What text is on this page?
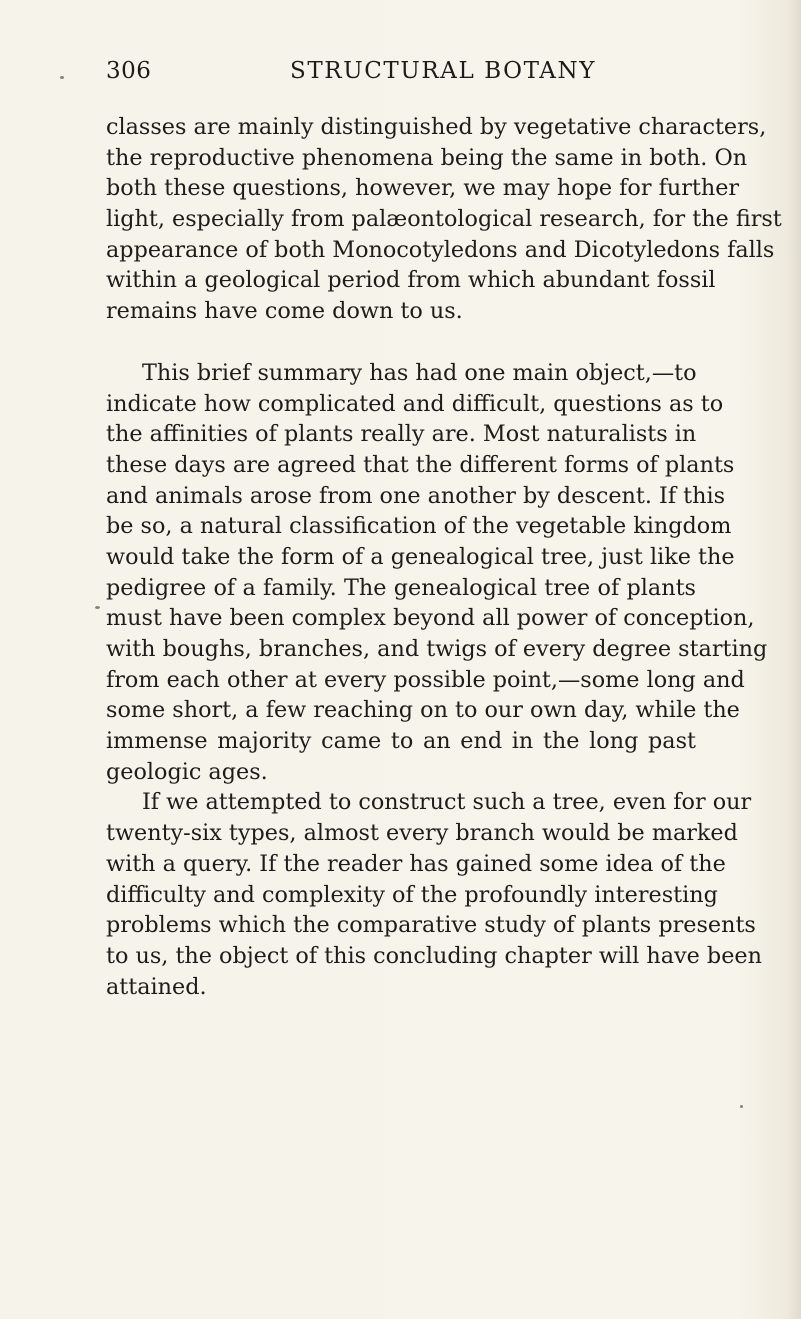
306	STRUCTURAL BOTANY
classes are mainly distinguished by vegetative characters,
the reproductive phenomena being the same in both. On
both these questions, however, we may hope for further
light, especially from palæontological research, for the first
appearance of both Monocotyledons and Dicotyledons falls
within a geological period from which abundant fossil
remains have come down to us.
This brief summary has had one main object,—to
indicate how complicated and difficult, questions as to
the affinities of plants really are. Most naturalists in
these days are agreed that the different forms of plants
and animals arose from one another by descent. If this
be so, a natural classification of the vegetable kingdom
would take the form of a genealogical tree, just like the
pedigree of a family. The genealogical tree of plants
must have been complex beyond all power of conception,
with boughs, branches, and twigs of every degree starting
from each other at every possible point,—some long and
some short, a few reaching on to our own day, while the
immense majority came to an end in the long past
geologic ages.
If we attempted to construct such a tree, even for our
twenty-six types, almost every branch would be marked
with a query. If the reader has gained some idea of the
difficulty and complexity of the profoundly interesting
problems which the comparative study of plants presents
to us, the object of this concluding chapter will have been
attained.
